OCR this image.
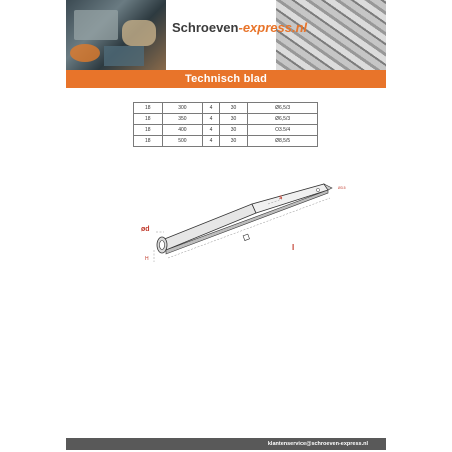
Schroeven-express.nl
Technisch blad
18	300	4	30	Ø6,5/3
18	350	4	30	Ø6,5/3
18	400	4	30	O3.5/4
18	500	4	30	Ø8,5/5
s
Ø3.5
ød
l
H
klantenservice@schroeven-express.nl
